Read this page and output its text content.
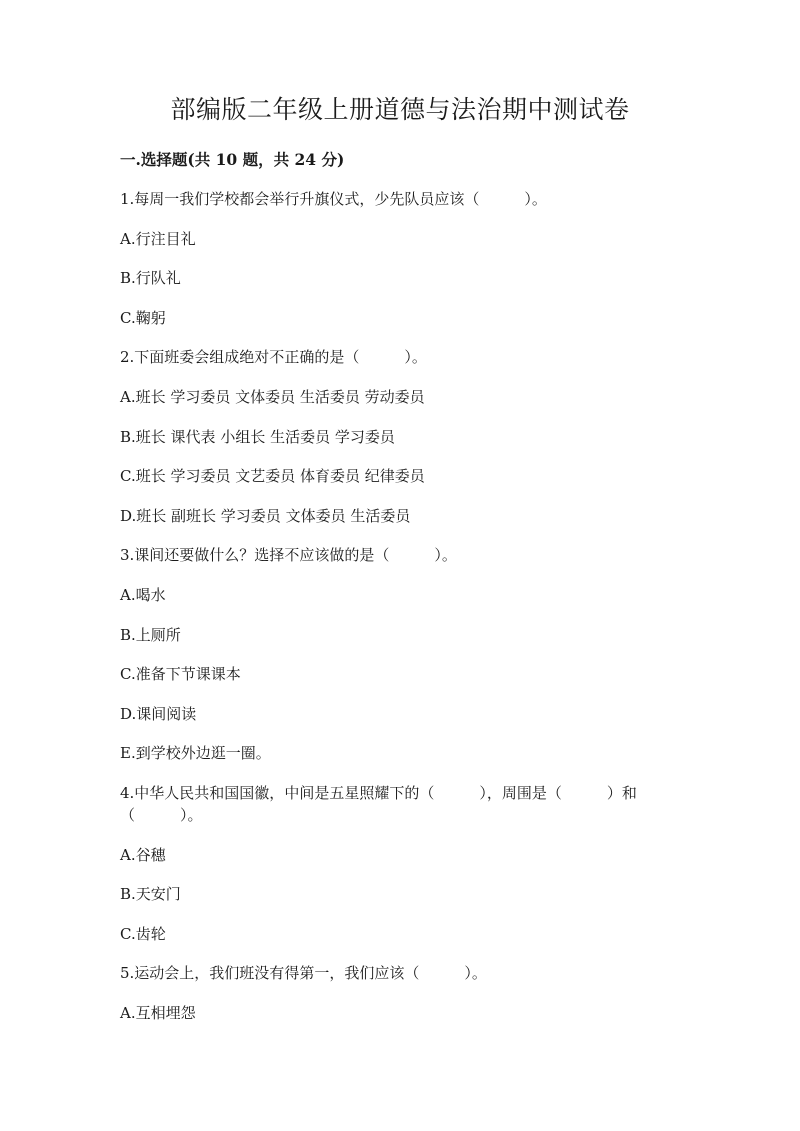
部编版二年级上册道德与法治期中测试卷
一.选择题(共 10 题，共 24 分)
1.每周一我们学校都会举行升旗仪式，少先队员应该（　　　）。
A.行注目礼
B.行队礼
C.鞠躬
2.下面班委会组成绝对不正确的是（　　　）。
A.班长 学习委员 文体委员 生活委员 劳动委员
B.班长 课代表 小组长 生活委员 学习委员
C.班长 学习委员 文艺委员 体育委员 纪律委员
D.班长 副班长 学习委员 文体委员 生活委员
3.课间还要做什么？选择不应该做的是（　　　）。
A.喝水
B.上厕所
C.准备下节课课本
D.课间阅读
E.到学校外边逛一圈。
4.中华人民共和国国徽，中间是五星照耀下的（　　　），周围是（　　　）和
（　　　）。
A.谷穗
B.天安门
C.齿轮
5.运动会上，我们班没有得第一，我们应该（　　　）。
A.互相埋怨
